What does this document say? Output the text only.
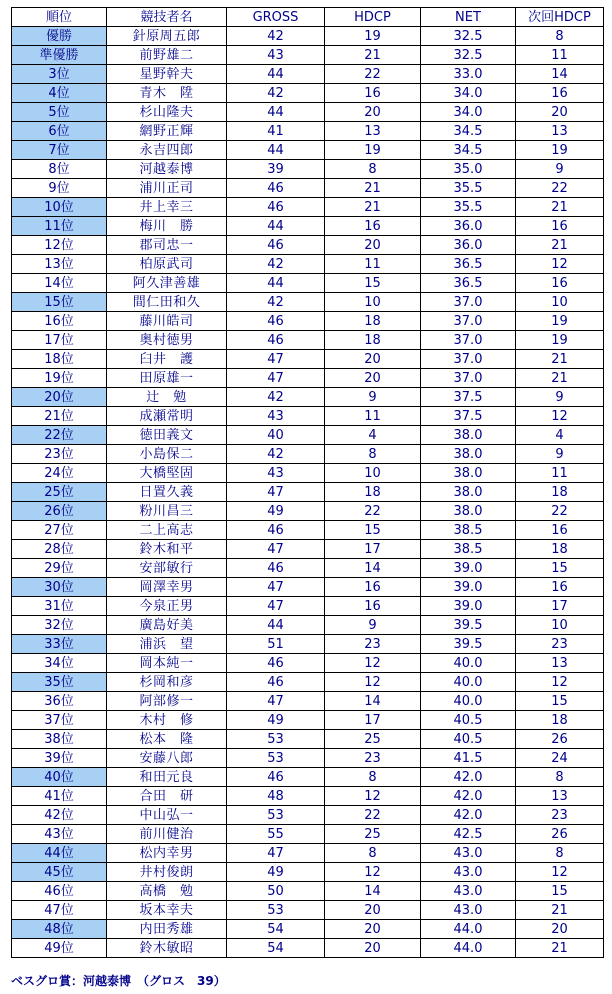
順位	競技者名	GROSS	HDCP	NET	次回HDCP
優勝	針原周五郎	42	19	32.5	8
準優勝	前野雄二	43	21	32.5	11
3位	星野幹夫	44	22	33.0	14
4位	青木　陞	42	16	34.0	16
5位	杉山隆夫	44	20	34.0	20
6位	網野正輝	41	13	34.5	13
7位	永吉四郎	44	19	34.5	19
8位	河越泰博	39	8	35.0	9
9位	浦川正司	46	21	35.5	22
10位	井上幸三	46	21	35.5	21
11位	梅川　勝	44	16	36.0	16
12位	郡司忠一	46	20	36.0	21
13位	柏原武司	42	11	36.5	12
14位	阿久津善雄	44	15	36.5	16
15位	間仁田和久	42	10	37.0	10
16位	藤川皓司	46	18	37.0	19
17位	奥村徳男	46	18	37.0	19
18位	臼井　護	47	20	37.0	21
19位	田原雄一	47	20	37.0	21
20位	辻　勉	42	9	37.5	9
21位	成瀬常明	43	11	37.5	12
22位	徳田義文	40	4	38.0	4
23位	小島保二	42	8	38.0	9
24位	大橋堅固	43	10	38.0	11
25位	日置久義	47	18	38.0	18
26位	粉川昌三	49	22	38.0	22
27位	二上高志	46	15	38.5	16
28位	鈴木和平	47	17	38.5	18
29位	安部敏行	46	14	39.0	15
30位	岡澤幸男	47	16	39.0	16
31位	今泉正男	47	16	39.0	17
32位	廣島好美	44	9	39.5	10
33位	浦浜　望	51	23	39.5	23
34位	岡本純一	46	12	40.0	13
35位	杉岡和彦	46	12	40.0	12
36位	阿部修一	47	14	40.0	15
37位	木村　修	49	17	40.5	18
38位	松本　隆	53	25	40.5	26
39位	安藤八郎	53	23	41.5	24
40位	和田元良	46	8	42.0	8
41位	合田　研	48	12	42.0	13
42位	中山弘一	53	22	42.0	23
43位	前川健治	55	25	42.5	26
44位	松内幸男	47	8	43.0	8
45位	井村俊朗	49	12	43.0	12
46位	高橋　勉	50	14	43.0	15
47位	坂本幸夫	53	20	43.0	21
48位	内田秀雄	54	20	44.0	20
49位	鈴木敏昭	54	20	44.0	21
ベスグロ賞：河越泰博　（グロス　39）
